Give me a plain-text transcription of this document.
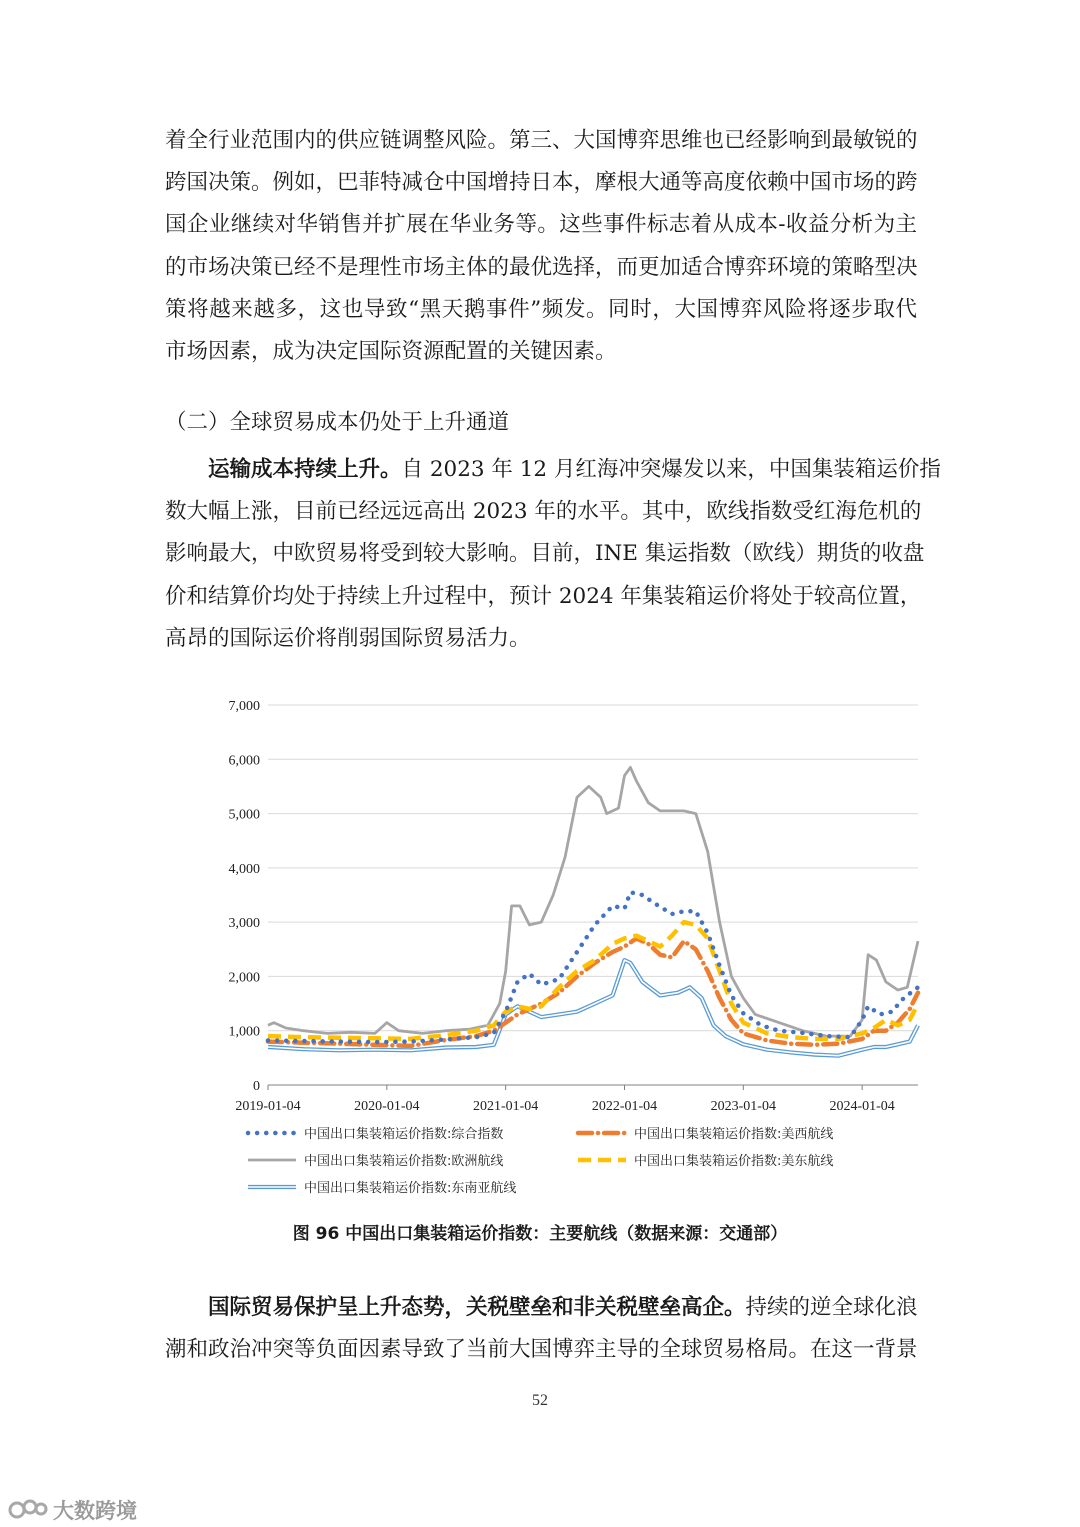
着全行业范围内的供应链调整风险。第三、大国博弈思维也已经影响到最敏锐的
跨国决策。例如，巴菲特减仓中国增持日本，摩根大通等高度依赖中国市场的跨
国企业继续对华销售并扩展在华业务等。这些事件标志着从成本-收益分析为主
的市场决策已经不是理性市场主体的最优选择，而更加适合博弈环境的策略型决
策将越来越多，这也导致“黑天鹅事件”频发。同时，大国博弈风险将逐步取代
市场因素，成为决定国际资源配置的关键因素。

（二）全球贸易成本仍处于上升通道

运输成本持续上升。自 2023 年 12 月红海冲突爆发以来，中国集装箱运价指
数大幅上涨，目前已经远远高出 2023 年的水平。其中，欧线指数受红海危机的
影响最大，中欧贸易将受到较大影响。目前，INE 集运指数（欧线）期货的收盘
价和结算价均处于持续上升过程中，预计 2024 年集装箱运价将处于较高位置，
高昂的国际运价将削弱国际贸易活力。
0
1,000
2,000
3,000
4,000
5,000
6,000
7,000
2019-01-04	2020-01-04	2021-01-04	2022-01-04	2023-01-04	2024-01-04
中国出口集装箱运价指数:综合指数	中国出口集装箱运价指数:美西航线
中国出口集装箱运价指数:欧洲航线	中国出口集装箱运价指数:美东航线
中国出口集装箱运价指数:东南亚航线

图 96 中国出口集装箱运价指数：主要航线（数据来源：交通部）

国际贸易保护呈上升态势，关税壁垒和非关税壁垒高企。持续的逆全球化浪
潮和政治冲突等负面因素导致了当前大国博弈主导的全球贸易格局。在这一背景
52
大数跨境
